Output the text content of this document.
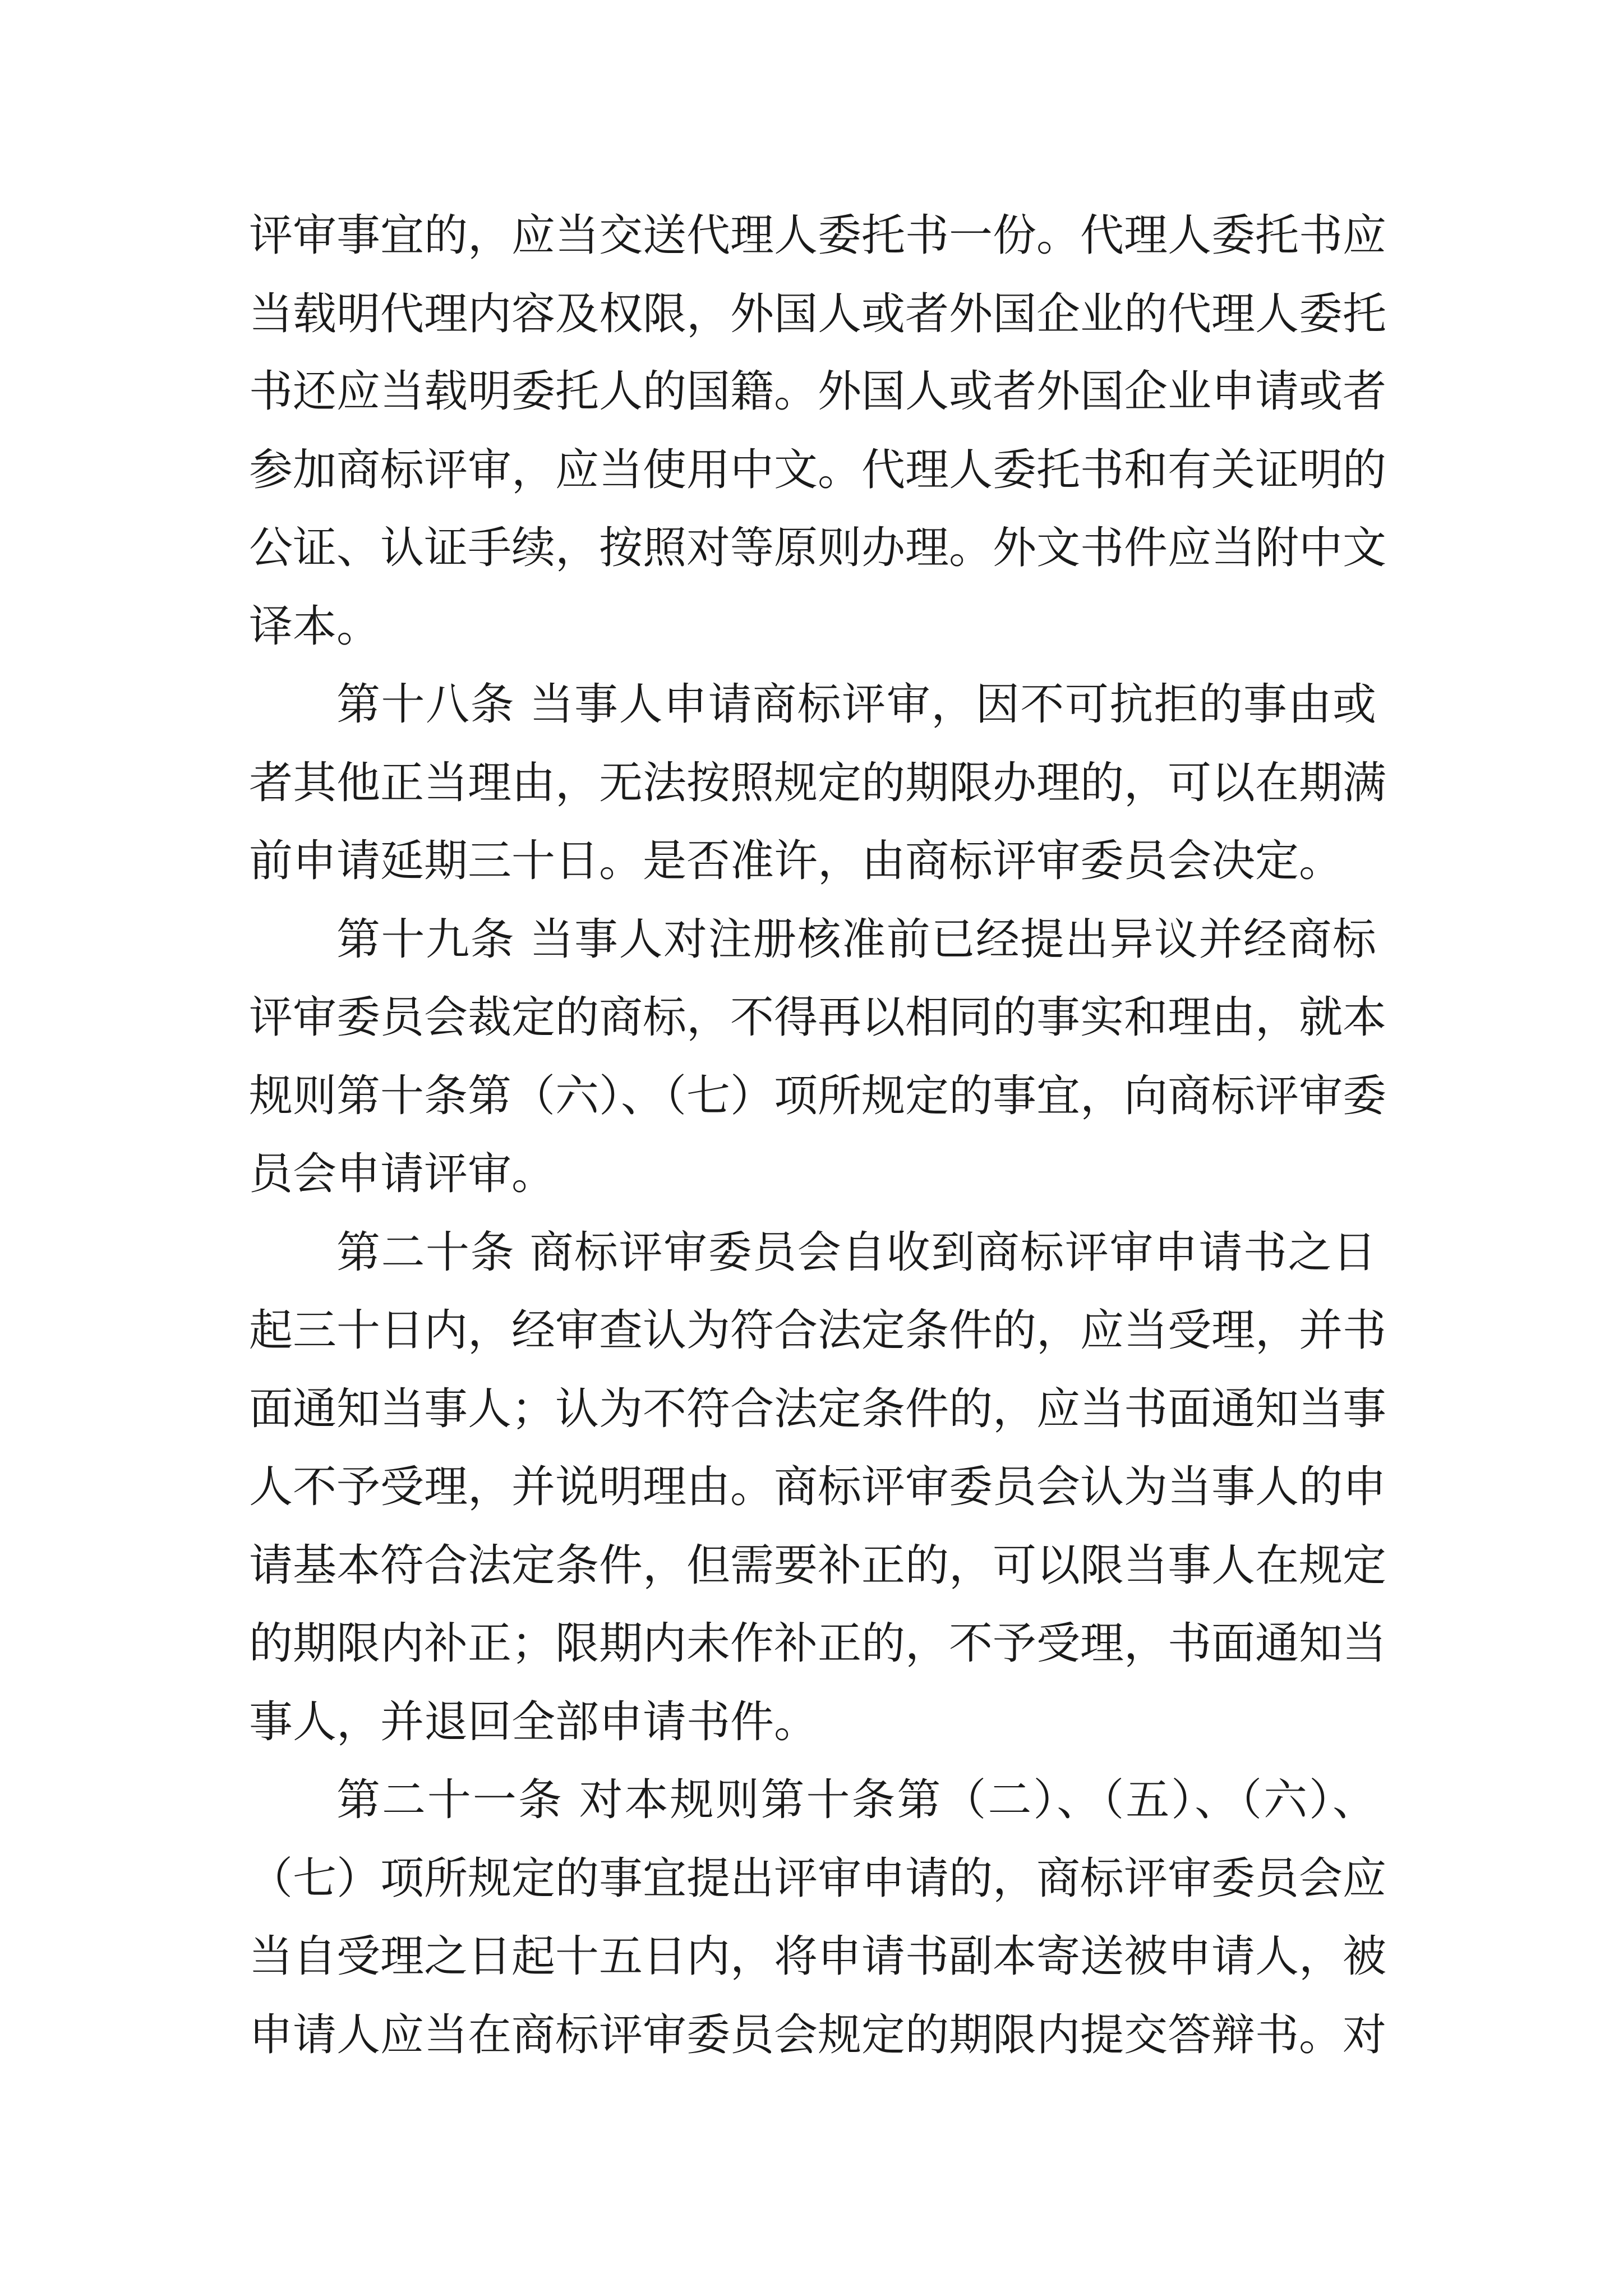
评审事宜的，应当交送代理人委托书一份。代理人委托书应
当载明代理内容及权限，外国人或者外国企业的代理人委托
书还应当载明委托人的国籍。外国人或者外国企业申请或者
参加商标评审，应当使用中文。代理人委托书和有关证明的
公证、认证手续，按照对等原则办理。外文书件应当附中文
译本。
第十八条 当事人申请商标评审，因不可抗拒的事由或
者其他正当理由，无法按照规定的期限办理的，可以在期满
前申请延期三十日。是否准许，由商标评审委员会决定。
第十九条 当事人对注册核准前已经提出异议并经商标
评审委员会裁定的商标，不得再以相同的事实和理由，就本
规则第十条第（六）、（七）项所规定的事宜，向商标评审委
员会申请评审。
第二十条 商标评审委员会自收到商标评审申请书之日
起三十日内，经审查认为符合法定条件的，应当受理，并书
面通知当事人；认为不符合法定条件的，应当书面通知当事
人不予受理，并说明理由。商标评审委员会认为当事人的申
请基本符合法定条件，但需要补正的，可以限当事人在规定
的期限内补正；限期内未作补正的，不予受理，书面通知当
事人，并退回全部申请书件。
第二十一条 对本规则第十条第（二）、（五）、（六）、
（七）项所规定的事宜提出评审申请的，商标评审委员会应
当自受理之日起十五日内，将申请书副本寄送被申请人，被
申请人应当在商标评审委员会规定的期限内提交答辩书。对
